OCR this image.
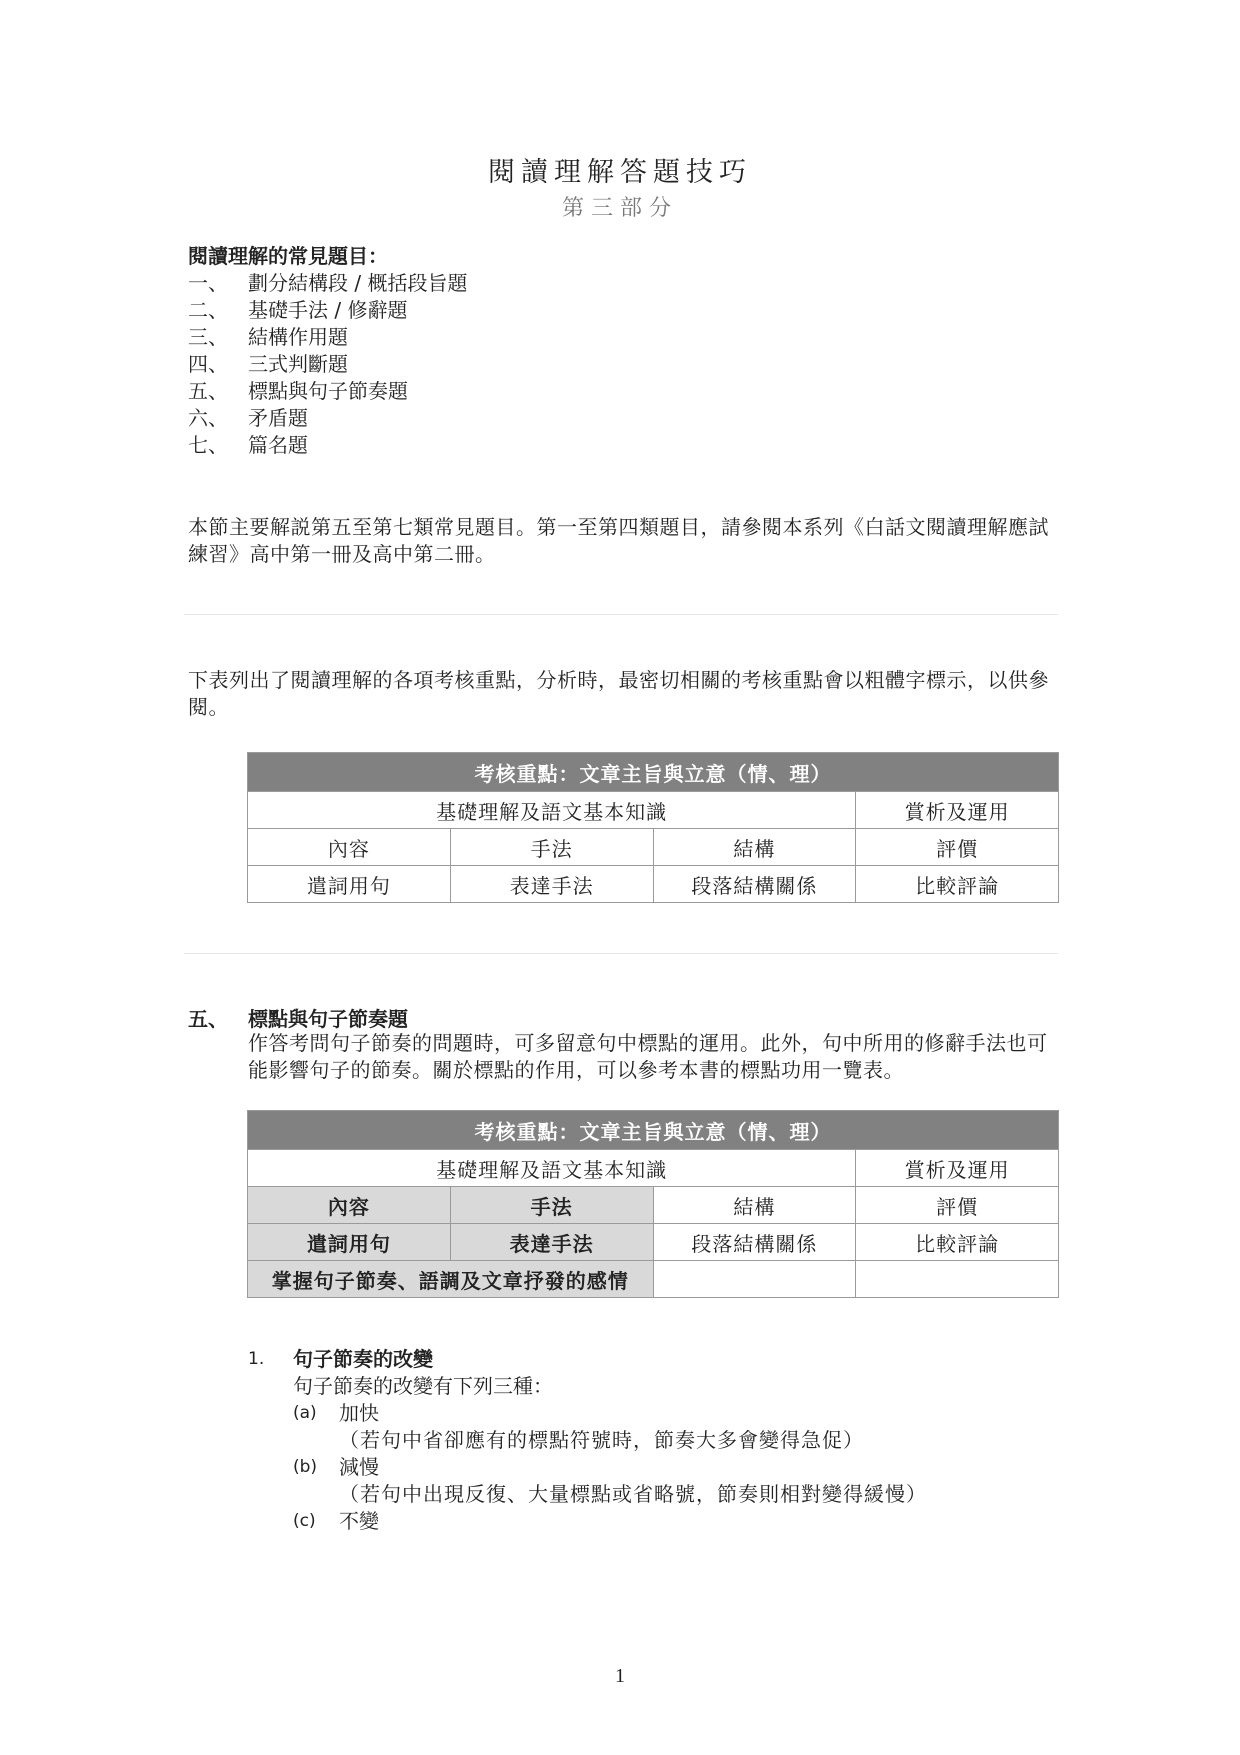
閱讀理解答題技巧
第三部分
閱讀理解的常見題目：
一、	劃分結構段 / 概括段旨題
二、	基礎手法 / 修辭題
三、	結構作用題
四、	三式判斷題
五、	標點與句子節奏題
六、	矛盾題
七、	篇名題
本節主要解説第五至第七類常見題目。第一至第四類題目，請參閱本系列《白話文閱讀理解應試練習》高中第一冊及高中第二冊。
下表列出了閱讀理解的各項考核重點，分析時，最密切相關的考核重點會以粗體字標示，以供參閱。
考核重點：文章主旨與立意（情、理）			
基礎理解及語文基本知識			賞析及運用
內容	手法	結構	評價
遣詞用句	表達手法	段落結構關係	比較評論
五、	標點與句子節奏題
作答考問句子節奏的問題時，可多留意句中標點的運用。此外，句中所用的修辭手法也可能影響句子的節奏。關於標點的作用，可以參考本書的標點功用一覽表。
考核重點：文章主旨與立意（情、理）			
基礎理解及語文基本知識			賞析及運用
內容	手法	結構	評價
遣詞用句	表達手法	段落結構關係	比較評論
掌握句子節奏、語調及文章抒發的感情			
1.	句子節奏的改變
句子節奏的改變有下列三種：
(a)	加快
（若句中省卻應有的標點符號時，節奏大多會變得急促）
(b)	減慢
（若句中出現反復、大量標點或省略號，節奏則相對變得緩慢）
(c)	不變
1
